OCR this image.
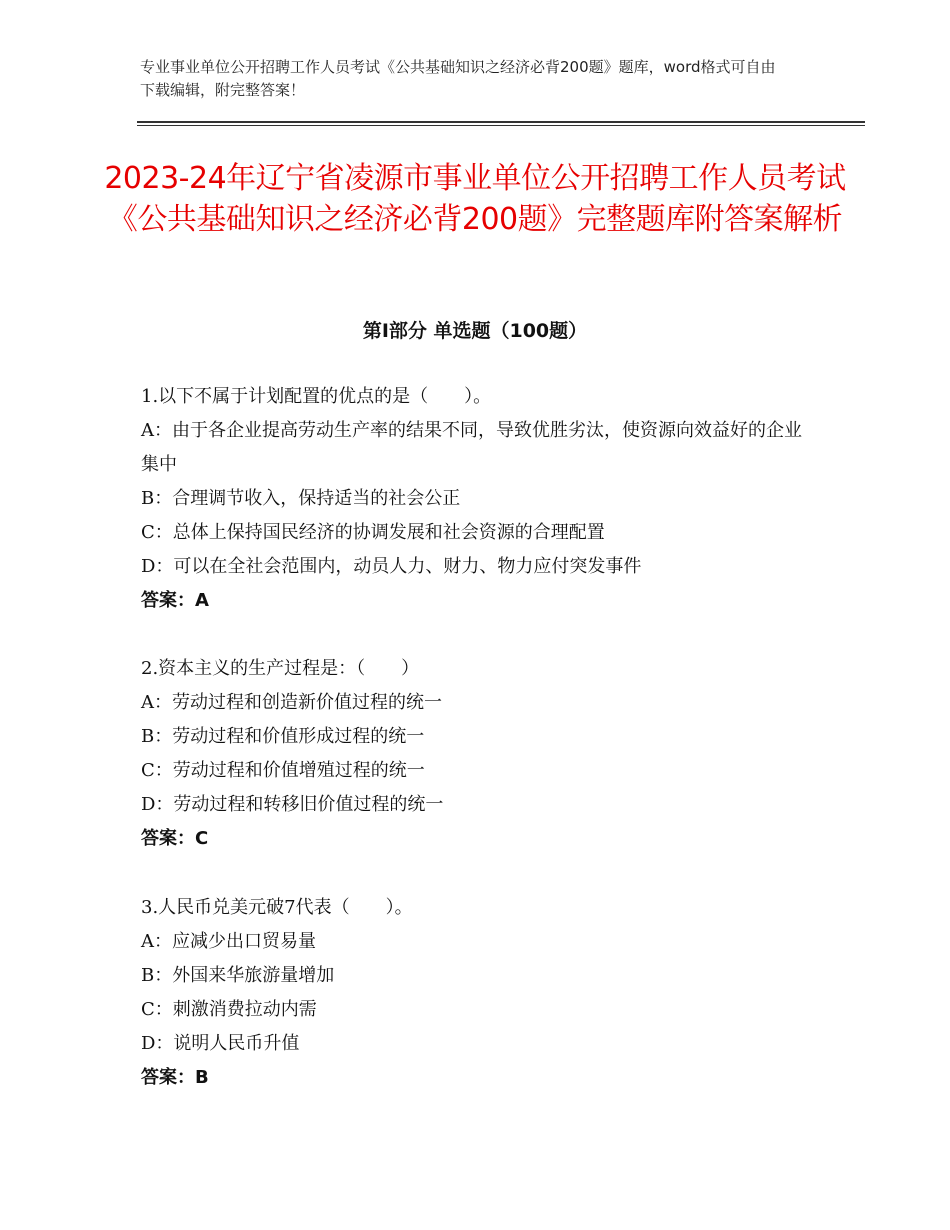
专业事业单位公开招聘工作人员考试《公共基础知识之经济必背200题》题库，word格式可自由下载编辑，附完整答案！
2023-24年辽宁省凌源市事业单位公开招聘工作人员考试《公共基础知识之经济必背200题》完整题库附答案解析
第Ⅰ部分 单选题（100题）
1.以下不属于计划配置的优点的是（　　）。
A：由于各企业提高劳动生产率的结果不同，导致优胜劣汰，使资源向效益好的企业集中
B：合理调节收入，保持适当的社会公正
C：总体上保持国民经济的协调发展和社会资源的合理配置
D：可以在全社会范围内，动员人力、财力、物力应付突发事件
答案：A
2.资本主义的生产过程是：（　　）
A：劳动过程和创造新价值过程的统一
B：劳动过程和价值形成过程的统一
C：劳动过程和价值增殖过程的统一
D：劳动过程和转移旧价值过程的统一
答案：C
3.人民币兑美元破7代表（　　）。
A：应减少出口贸易量
B：外国来华旅游量增加
C：刺激消费拉动内需
D：说明人民币升值
答案：B
